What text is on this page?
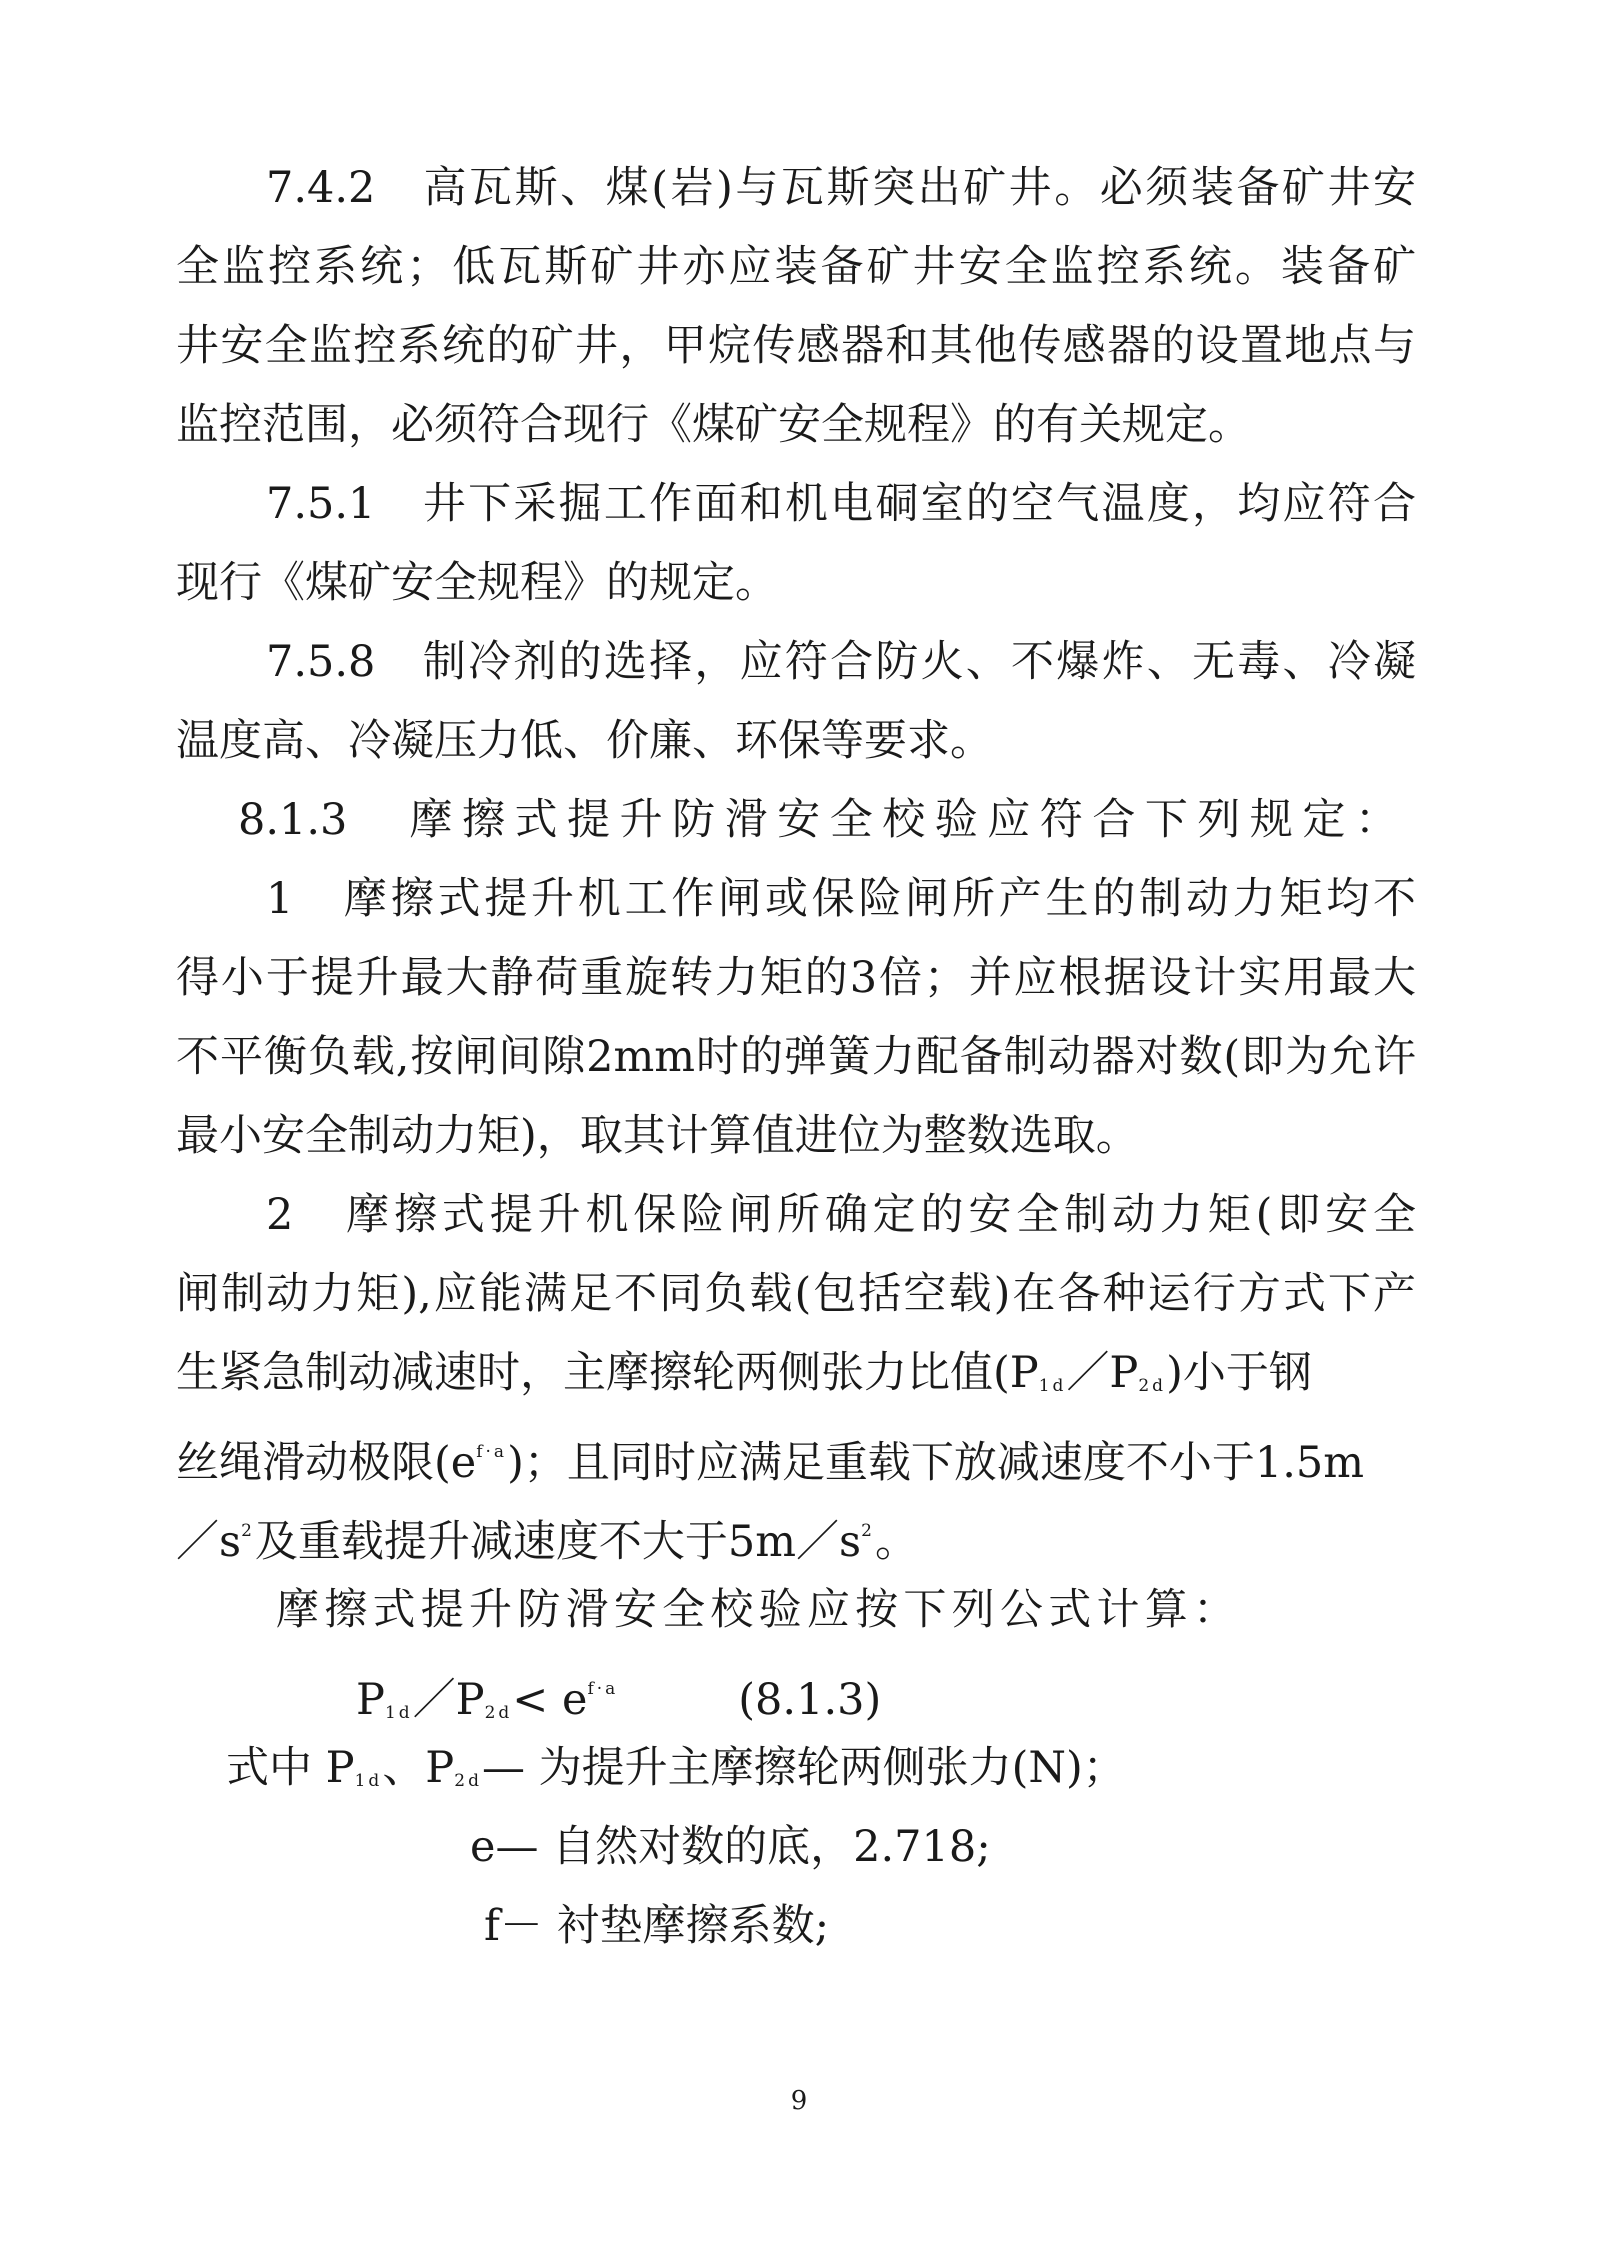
7.4.2　高瓦斯、煤(岩)与瓦斯突出矿井。必须装备矿井安
全监控系统；低瓦斯矿井亦应装备矿井安全监控系统。装备矿
井安全监控系统的矿井，甲烷传感器和其他传感器的设置地点与
监控范围，必须符合现行《煤矿安全规程》的有关规定。
7.5.1　井下采掘工作面和机电硐室的空气温度，均应符合
现行《煤矿安全规程》的规定。
7.5.8　制冷剂的选择，应符合防火、不爆炸、无毒、冷凝
温度高、冷凝压力低、价廉、环保等要求。
8.1.3　摩擦式提升防滑安全校验应符合下列规定：
1　摩擦式提升机工作闸或保险闸所产生的制动力矩均不
得小于提升最大静荷重旋转力矩的3倍；并应根据设计实用最大
不平衡负载,按闸间隙2mm时的弹簧力配备制动器对数(即为允许
最小安全制动力矩)，取其计算值进位为整数选取。
2　摩擦式提升机保险闸所确定的安全制动力矩(即安全
闸制动力矩),应能满足不同负载(包括空载)在各种运行方式下产
生紧急制动减速时，主摩擦轮两侧张力比值$(P_{1d}/P_{2d})$小于钢
丝绳滑动极限$(e^{f\cdot a})$；且同时应满足重载下放减速度不小于1.5m
$/s^2$及重载提升减速度不大于$5m/s^2$。
摩擦式提升防滑安全校验应按下列公式计算：
$P_{1d}/P_{2d}< e^{f\cdot a}$	(8.1.3)
式中 $P_{1d}$、$P_{2d}—$ 为提升主摩擦轮两侧张力(N)；
e— 自然对数的底，2.718;
f－ 衬垫摩擦系数;
9
